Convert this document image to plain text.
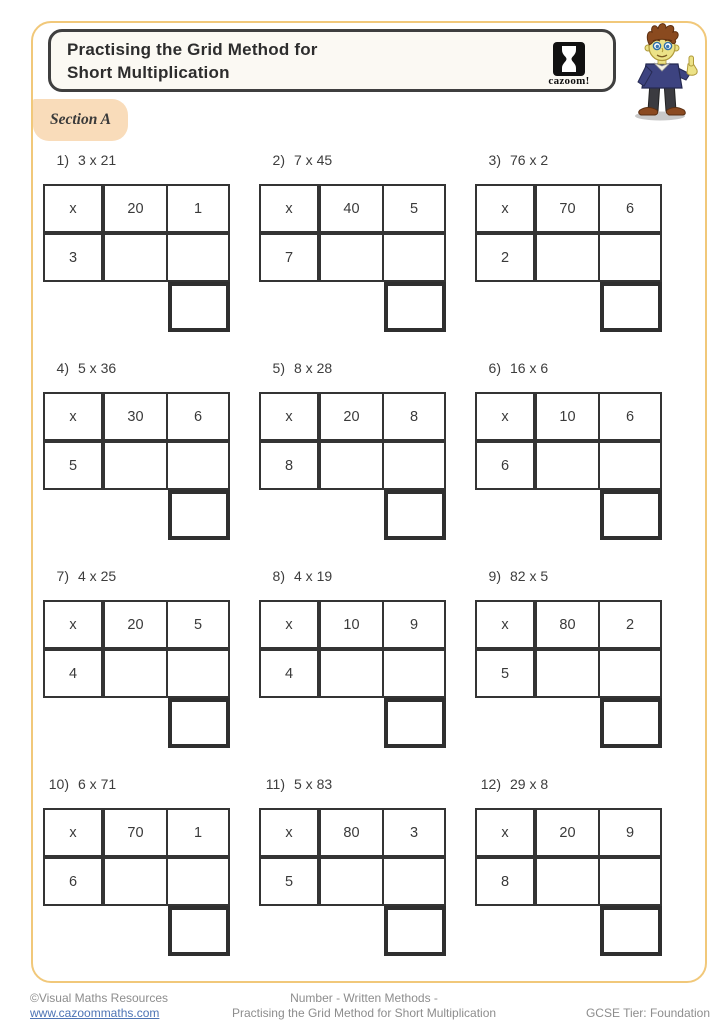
Practising the Grid Method for
Short Multiplication	cazoom!
Section A
1) 3 x 21
x	20	1
3
2) 7 x 45
x	40	5
7
3) 76 x 2
x	70	6
2
4) 5 x 36
x	30	6
5
5) 8 x 28
x	20	8
8
6) 16 x 6
x	10	6
6
7) 4 x 25
x	20	5
4
8) 4 x 19
x	10	9
4
9) 82 x 5
x	80	2
5
10) 6 x 71
x	70	1
6
11) 5 x 83
x	80	3
5
12) 29 x 8
x	20	9
8
©Visual Maths Resources
www.cazoommaths.com
Number - Written Methods -
Practising the Grid Method for Short Multiplication	GCSE Tier: Foundation
